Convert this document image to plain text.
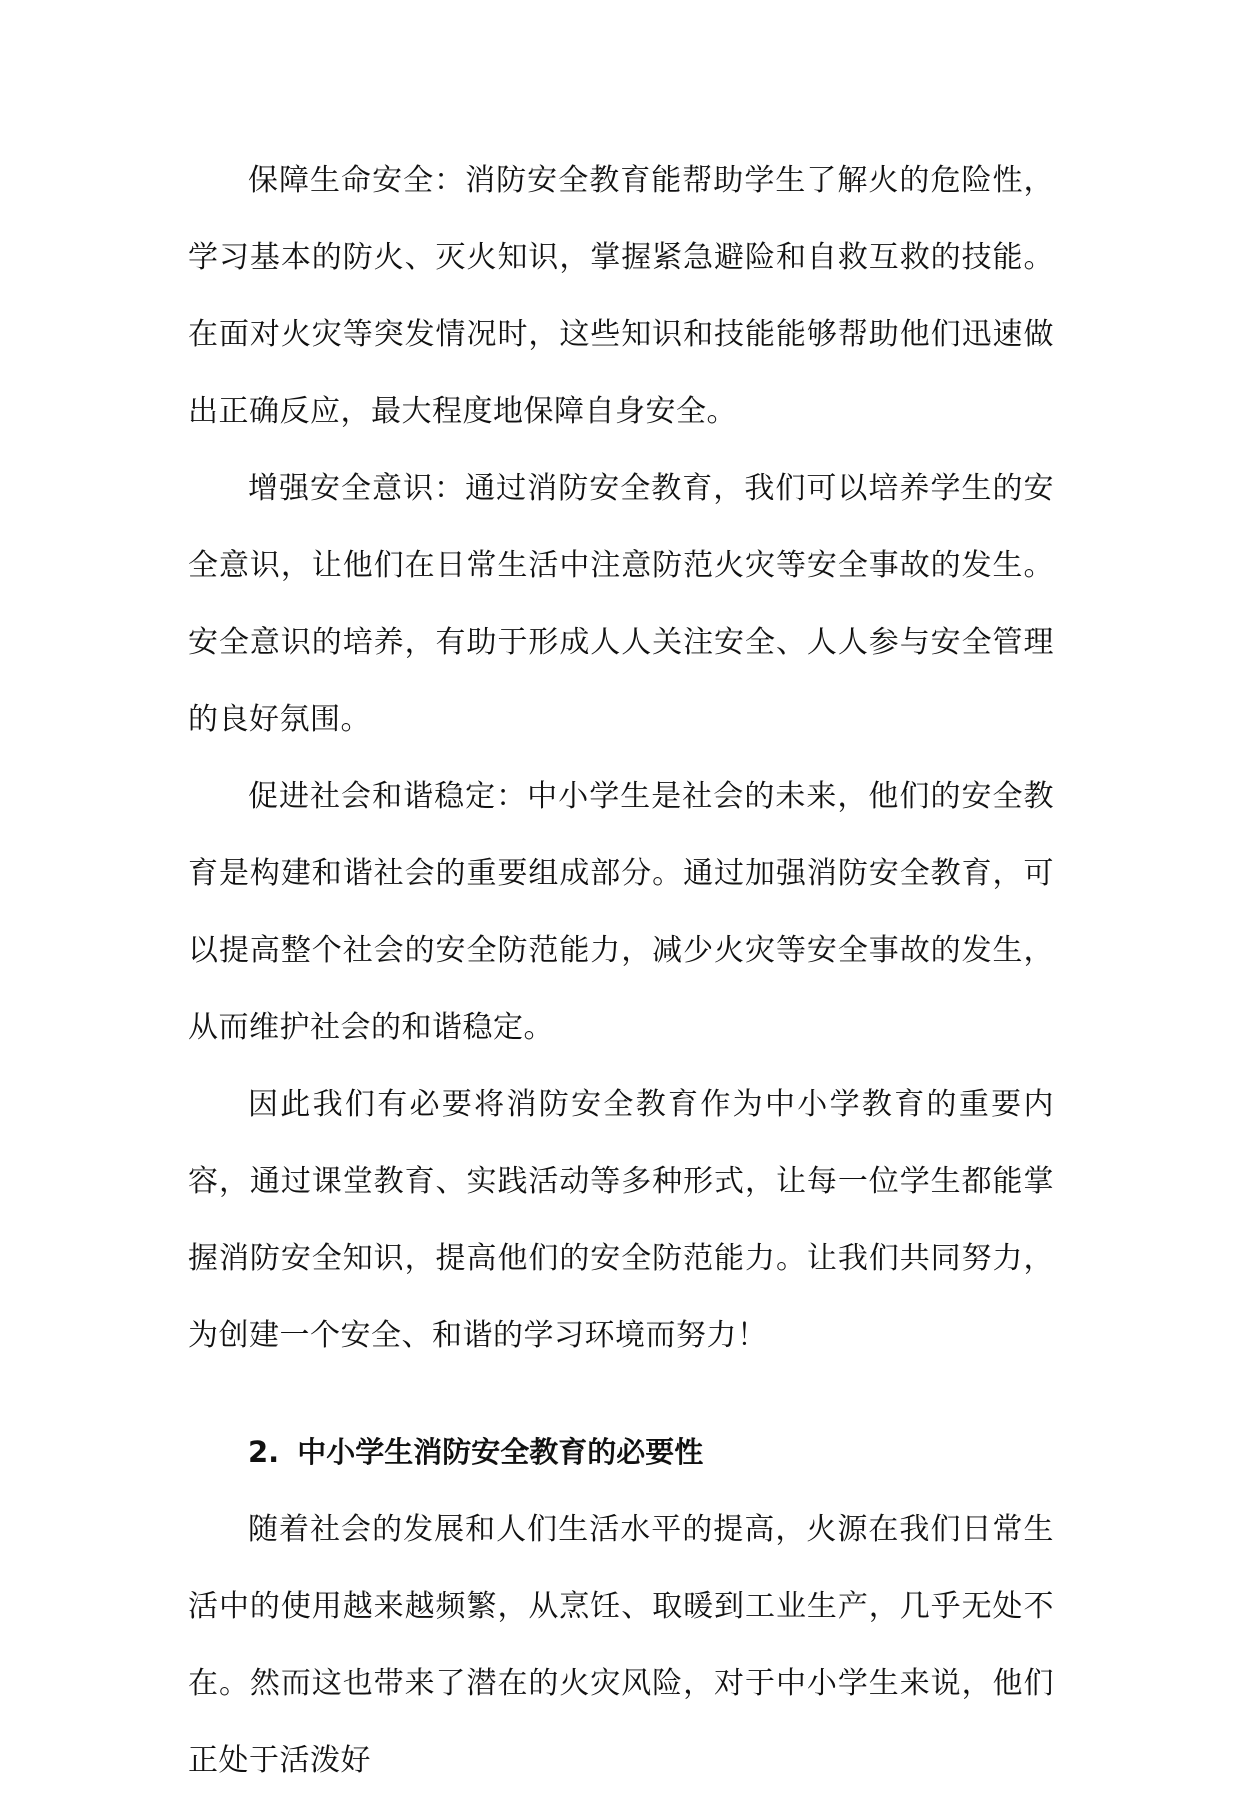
保障生命安全：消防安全教育能帮助学生了解火的危险性，学习基本的防火、灭火知识，掌握紧急避险和自救互救的技能。在面对火灾等突发情况时，这些知识和技能能够帮助他们迅速做出正确反应，最大程度地保障自身安全。

增强安全意识：通过消防安全教育，我们可以培养学生的安全意识，让他们在日常生活中注意防范火灾等安全事故的发生。安全意识的培养，有助于形成人人关注安全、人人参与安全管理的良好氛围。

促进社会和谐稳定：中小学生是社会的未来，他们的安全教育是构建和谐社会的重要组成部分。通过加强消防安全教育，可以提高整个社会的安全防范能力，减少火灾等安全事故的发生，从而维护社会的和谐稳定。

因此我们有必要将消防安全教育作为中小学教育的重要内容，通过课堂教育、实践活动等多种形式，让每一位学生都能掌握消防安全知识，提高他们的安全防范能力。让我们共同努力，为创建一个安全、和谐的学习环境而努力！

2. 中小学生消防安全教育的必要性

随着社会的发展和人们生活水平的提高，火源在我们日常生活中的使用越来越频繁，从烹饪、取暖到工业生产，几乎无处不在。然而这也带来了潜在的火灾风险，对于中小学生来说，他们正处于活泼好
